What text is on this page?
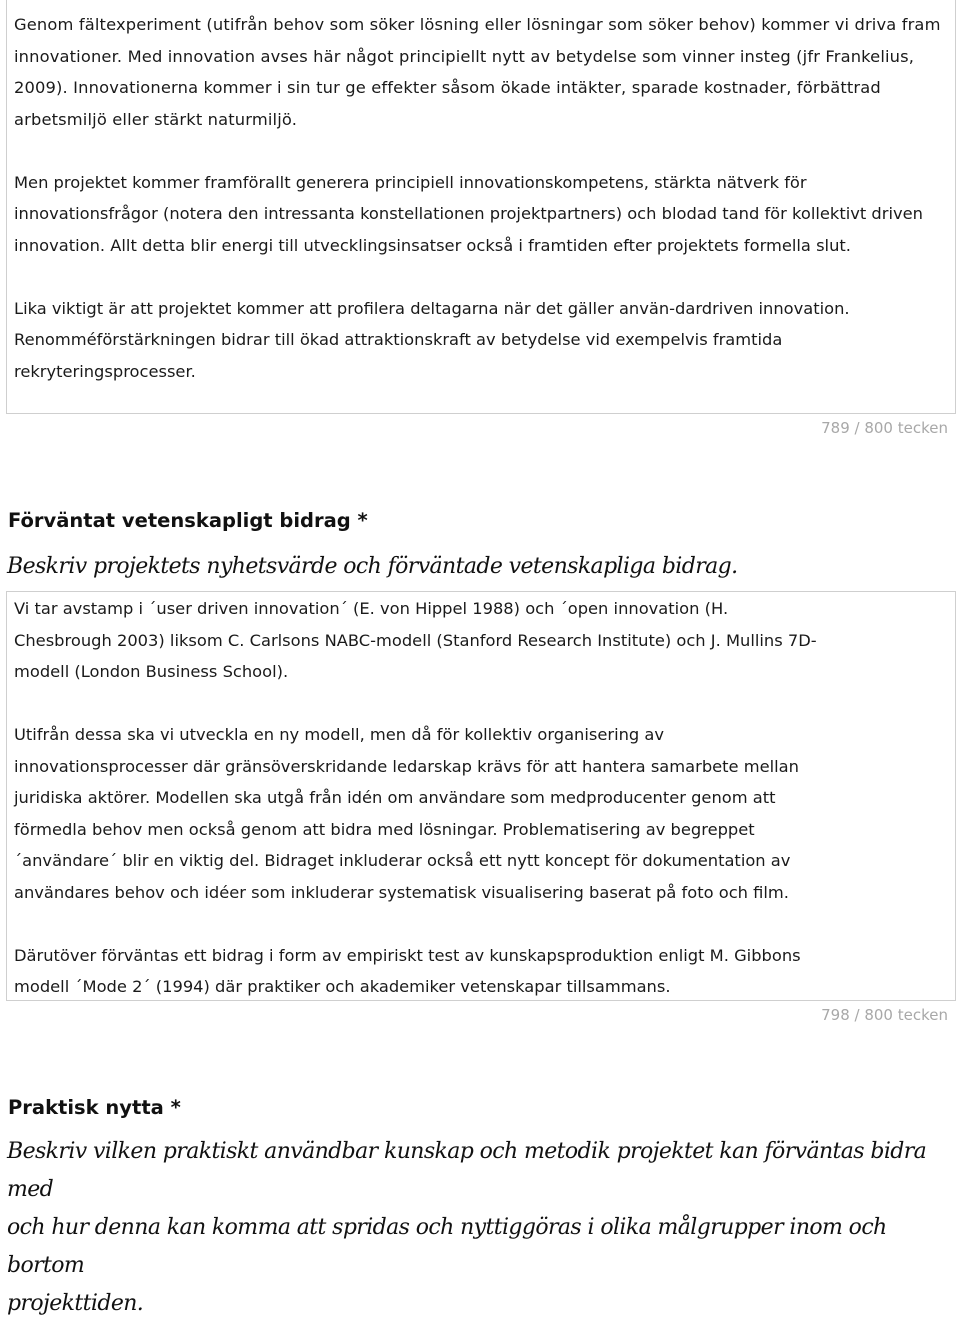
Genom fältexperiment (utifrån behov som söker lösning eller lösningar som söker behov) kommer vi driva fram innovationer. Med innovation avses här något principiellt nytt av betydelse som vinner insteg (jfr Frankelius, 2009). Innovationerna kommer i sin tur ge effekter såsom ökade intäkter, sparade kostnader, förbättrad arbetsmiljö eller stärkt naturmiljö.

Men projektet kommer framförallt generera principiell innovationskompetens, stärkta nätverk för innovationsfrågor (notera den intressanta konstellationen projektpartners) och blodad tand för kollektivt driven innovation. Allt detta blir energi till utvecklingsinsatser också i framtiden efter projektets formella slut.

Lika viktigt är att projektet kommer att profilera deltagarna när det gäller använ-dardriven innovation. Renomméförstärkningen bidrar till ökad attraktionskraft av betydelse vid exempelvis framtida rekryteringsprocesser.

789 / 800 tecken
Förväntat vetenskapligt bidrag *
Beskriv projektets nyhetsvärde och förväntade vetenskapliga bidrag.

Vi tar avstamp i ´user driven innovation´ (E. von Hippel 1988) och ´open innovation (H.
Chesbrough 2003) liksom C. Carlsons NABC-modell (Stanford Research Institute) och J. Mullins 7D-
modell (London Business School).

Utifrån dessa ska vi utveckla en ny modell, men då för kollektiv organisering av
innovationsprocesser där gränsöverskridande ledarskap krävs för att hantera samarbete mellan
juridiska aktörer. Modellen ska utgå från idén om användare som medproducenter genom att
förmedla behov men också genom att bidra med lösningar. Problematisering av begreppet
´användare´ blir en viktig del. Bidraget inkluderar också ett nytt koncept för dokumentation av
användares behov och idéer som inkluderar systematisk visualisering baserat på foto och film.

Därutöver förväntas ett bidrag i form av empiriskt test av kunskapsproduktion enligt M. Gibbons
modell ´Mode 2´ (1994) där praktiker och akademiker vetenskapar tillsammans.

798 / 800 tecken
Praktisk nytta *
Beskriv vilken praktiskt användbar kunskap och metodik projektet kan förväntas bidra med
och hur denna kan komma att spridas och nyttiggöras i olika målgrupper inom och bortom
projekttiden.
